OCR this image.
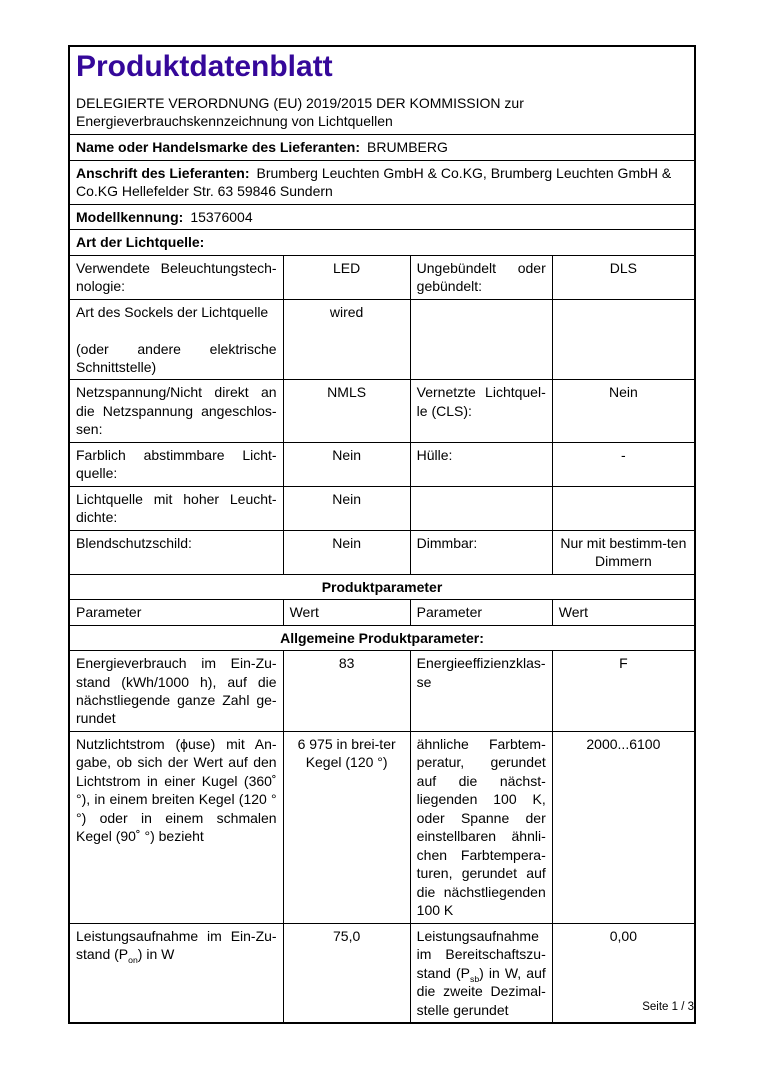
Produktdatenblatt
DELEGIERTE VERORDNUNG (EU) 2019/2015 DER KOMMISSION zur Energieverbrauchskennzeichnung von Lichtquellen			

Name oder Handelsmarke des Lieferanten: BRUMBERG			
Anschrift des Lieferanten: Brumberg Leuchten GmbH & Co.KG, Brumberg Leuchten GmbH & Co.KG Hellefelder Str. 63 59846 Sundern			
Modellkennung: 15376004			
Art der Lichtquelle:			
Verwendete Beleuchtungstech-nologie:	LED	Ungebündelt oder gebündelt:	DLS
Art des Sockels der Lichtquelle

(oder andere elektrische Schnittstelle)	wired		
Netzspannung/Nicht direkt an die Netzspannung angeschlos-sen:	NMLS	Vernetzte Lichtquel-le (CLS):	Nein
Farblich abstimmbare Licht-quelle:	Nein	Hülle:	-
Lichtquelle mit hoher Leucht-dichte:	Nein		
Blendschutzschild:	Nein	Dimmbar:	Nur mit bestimm-ten Dimmern
Produktparameter			
Parameter	Wert	Parameter	Wert
Allgemeine Produktparameter:			
Energieverbrauch im Ein-Zu-stand (kWh/1000 h), auf die nächstliegende ganze Zahl ge-rundet	83	Energieeffizienzklas-se	F
Nutzlichtstrom (ϕuse) mit An-gabe, ob sich der Wert auf den Lichtstrom in einer Kugel (360˚ °), in einem breiten Kegel (120 °°) oder in einem schmalen Kegel (90˚ °) bezieht	6 975 in brei-ter Kegel (120 °)	ähnliche Farbtem-peratur, gerundet auf die nächst-liegenden 100 K, oder Spanne der einstellbaren ähnli-chen Farbtempera-turen, gerundet auf die nächstliegenden 100 K	2000...6100
Leistungsaufnahme im Ein-Zu-stand $(P_{on})$ in W	75,0	Leistungsaufnahme im Bereitschaftszu-stand $(P_{sb})$ in W, auf die zweite Dezimal-stelle gerundet	0,00
Seite 1 / 3
